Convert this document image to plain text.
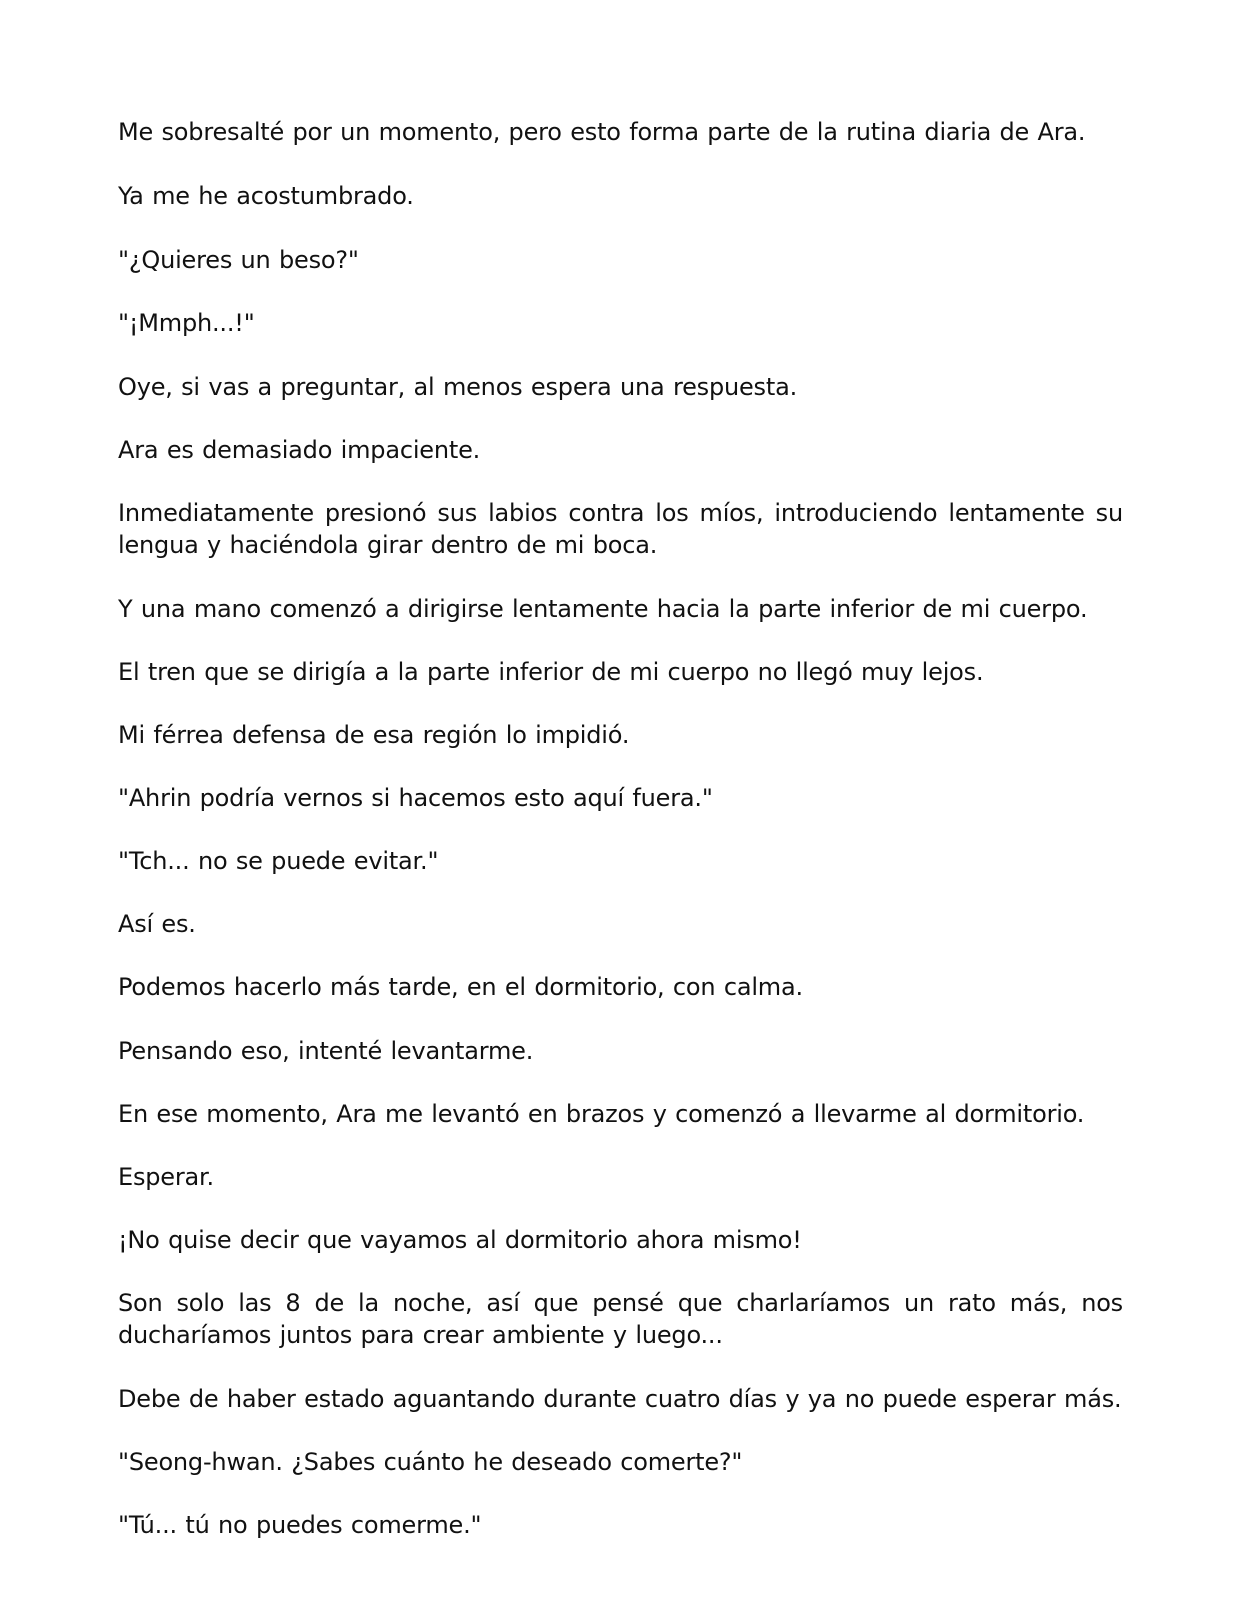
Me sobresalté por un momento, pero esto forma parte de la rutina diaria de Ara.

Ya me he acostumbrado.

"¿Quieres un beso?"

"¡Mmph...!"

Oye, si vas a preguntar, al menos espera una respuesta.

Ara es demasiado impaciente.

Inmediatamente presionó sus labios contra los míos, introduciendo lentamente su lengua y haciéndola girar dentro de mi boca.

Y una mano comenzó a dirigirse lentamente hacia la parte inferior de mi cuerpo.

El tren que se dirigía a la parte inferior de mi cuerpo no llegó muy lejos.

Mi férrea defensa de esa región lo impidió.

"Ahrin podría vernos si hacemos esto aquí fuera."

"Tch... no se puede evitar."

Así es.

Podemos hacerlo más tarde, en el dormitorio, con calma.

Pensando eso, intenté levantarme.

En ese momento, Ara me levantó en brazos y comenzó a llevarme al dormitorio.

Esperar.

¡No quise decir que vayamos al dormitorio ahora mismo!

Son solo las 8 de la noche, así que pensé que charlaríamos un rato más, nos ducharíamos juntos para crear ambiente y luego...

Debe de haber estado aguantando durante cuatro días y ya no puede esperar más.

"Seong-hwan. ¿Sabes cuánto he deseado comerte?"

"Tú... tú no puedes comerme."
